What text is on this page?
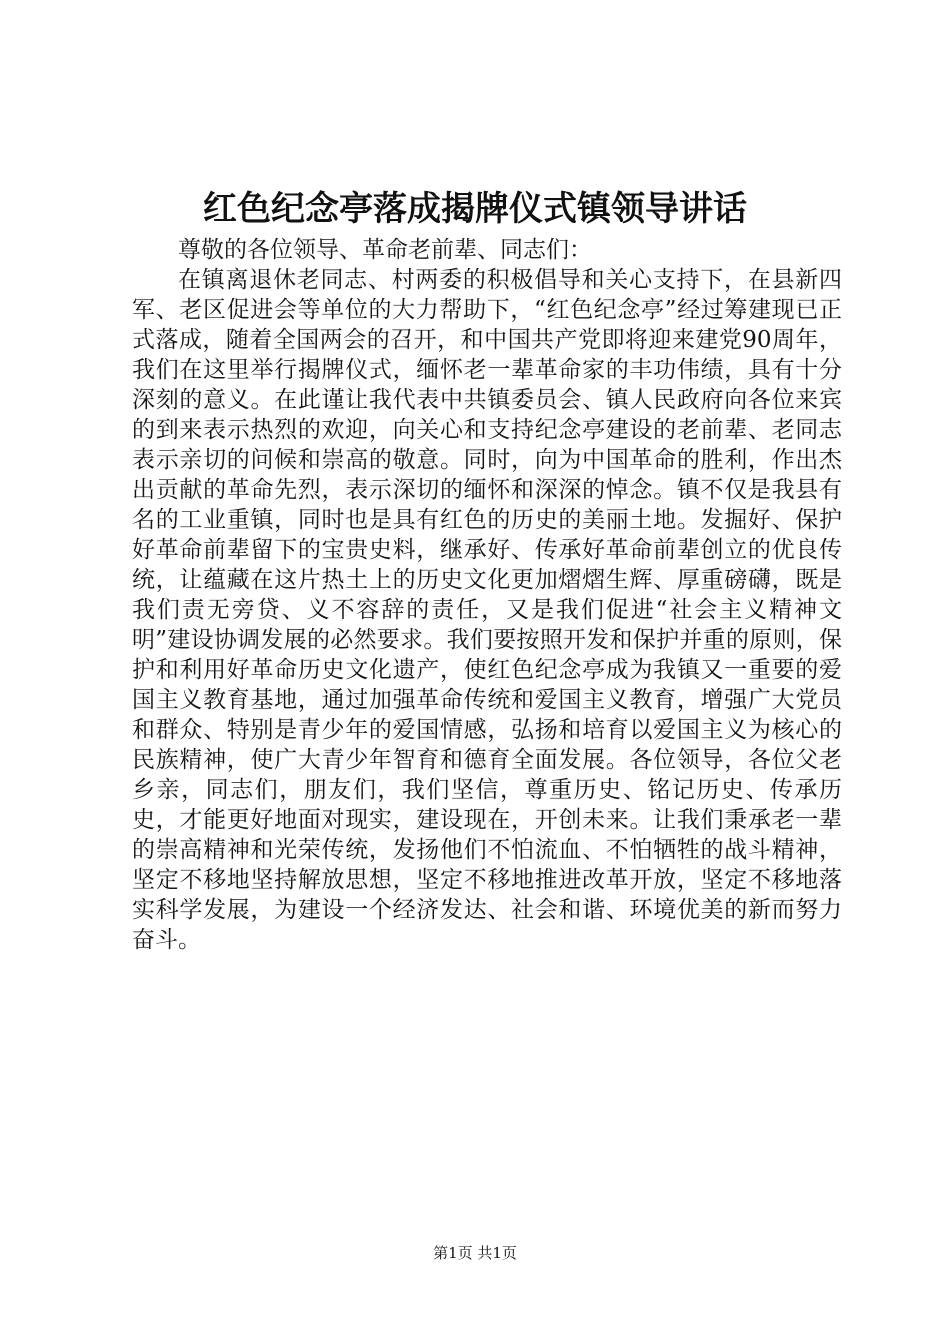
红色纪念亭落成揭牌仪式镇领导讲话

尊敬的各位领导、革命老前辈、同志们：

在镇离退休老同志、村两委的积极倡导和关心支持下，在县新四军、老区促进会等单位的大力帮助下，“红色纪念亭”经过筹建现已正式落成，随着全国两会的召开，和中国共产党即将迎来建党90周年，我们在这里举行揭牌仪式，缅怀老一辈革命家的丰功伟绩，具有十分深刻的意义。在此谨让我代表中共镇委员会、镇人民政府向各位来宾的到来表示热烈的欢迎，向关心和支持纪念亭建设的老前辈、老同志表示亲切的问候和崇高的敬意。同时，向为中国革命的胜利，作出杰出贡献的革命先烈，表示深切的缅怀和深深的悼念。镇不仅是我县有名的工业重镇，同时也是具有红色的历史的美丽土地。发掘好、保护好革命前辈留下的宝贵史料，继承好、传承好革命前辈创立的优良传统，让蕴藏在这片热土上的历史文化更加熠熠生辉、厚重磅礴，既是我们责无旁贷、义不容辞的责任，又是我们促进“社会主义精神文明”建设协调发展的必然要求。我们要按照开发和保护并重的原则，保护和利用好革命历史文化遗产，使红色纪念亭成为我镇又一重要的爱国主义教育基地，通过加强革命传统和爱国主义教育，增强广大党员和群众、特别是青少年的爱国情感，弘扬和培育以爱国主义为核心的民族精神，使广大青少年智育和德育全面发展。各位领导，各位父老乡亲，同志们，朋友们，我们坚信，尊重历史、铭记历史、传承历史，才能更好地面对现实，建设现在，开创未来。让我们秉承老一辈的崇高精神和光荣传统，发扬他们不怕流血、不怕牺牲的战斗精神，坚定不移地坚持解放思想，坚定不移地推进改革开放，坚定不移地落实科学发展，为建设一个经济发达、社会和谐、环境优美的新而努力奋斗。

第1页 共1页
